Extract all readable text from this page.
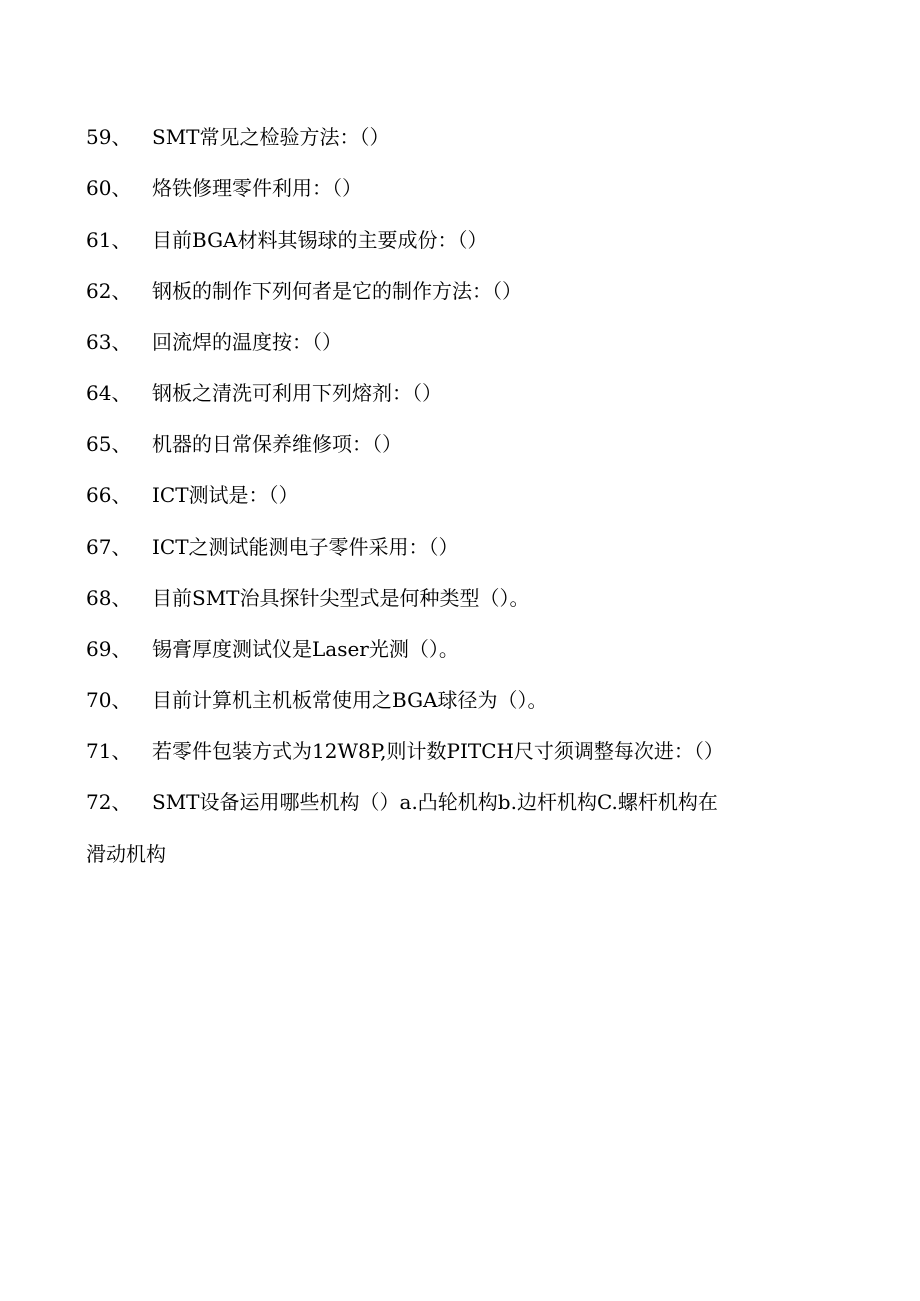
59、 SMT常见之检验方法：（）
60、 烙铁修理零件利用：（）
61、 目前BGA材料其锡球的主要成份：（）
62、 钢板的制作下列何者是它的制作方法：（）
63、 回流焊的温度按：（）
64、 钢板之清洗可利用下列熔剂：（）
65、 机器的日常保养维修项：（）
66、 ICT测试是：（）
67、 ICT之测试能测电子零件采用：（）
68、 目前SMT治具探针尖型式是何种类型（）。
69、 锡膏厚度测试仪是Laser光测（）。
70、 目前计算机主机板常使用之BGA球径为（）。
71、 若零件包装方式为12W8P,则计数PITCH尺寸须调整每次进：（）
72、 SMT设备运用哪些机构（）a.凸轮机构b.边杆机构C.螺杆机构在
滑动机构
